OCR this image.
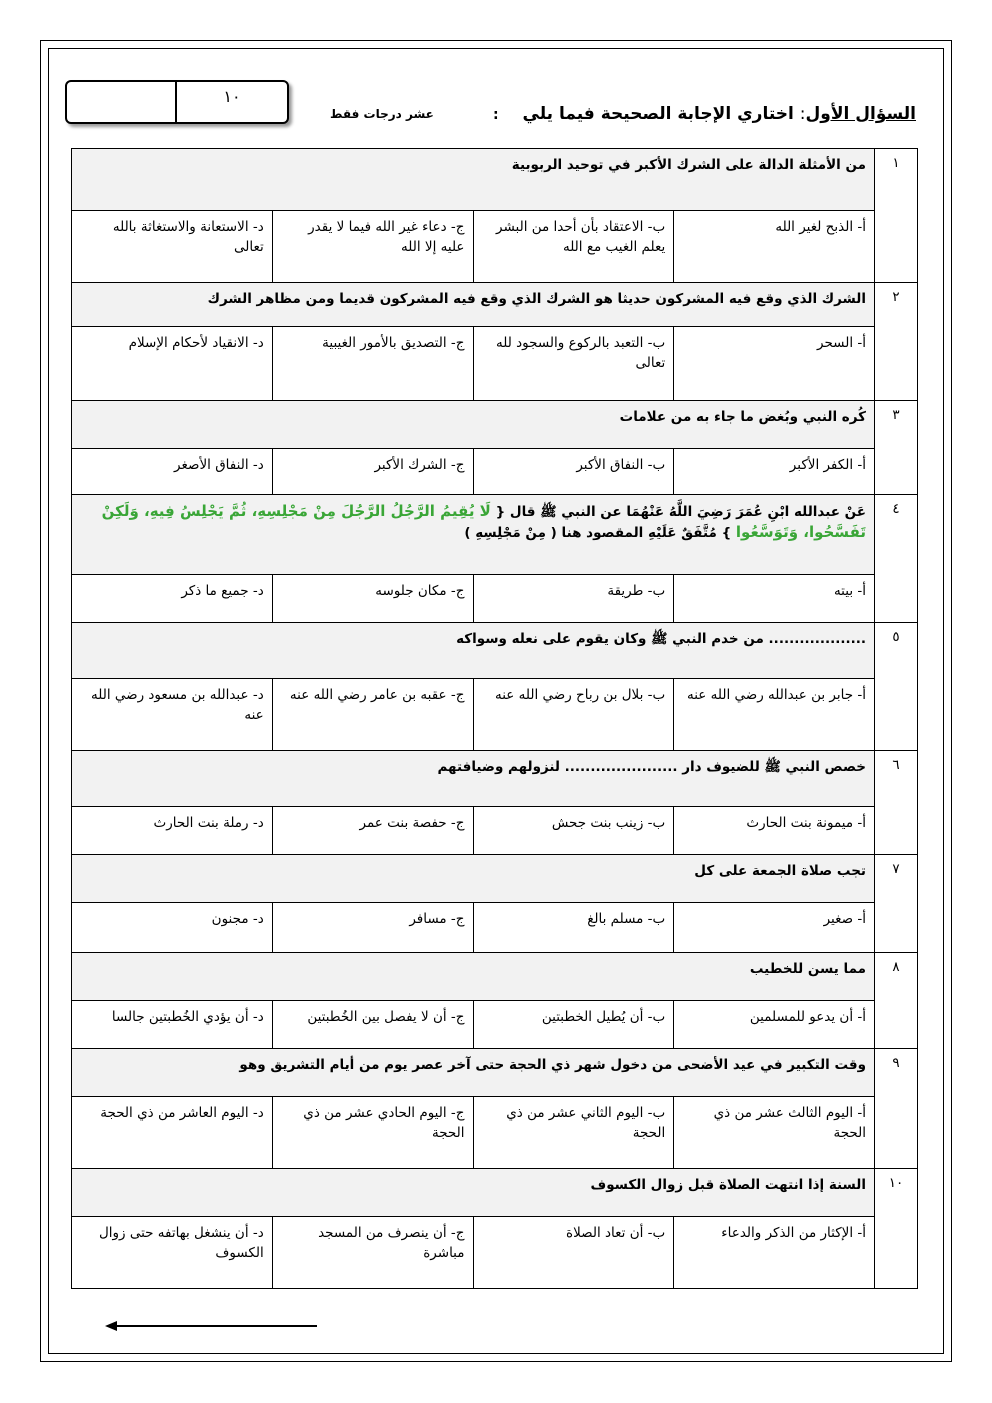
١٠
عشر درجات فقط	السؤال الأول: اختاري الإجابة الصحيحة فيما يلي :
١	من الأمثلة الدالة على الشرك الأكبر في توحيد الربوبية			
	أ- الذبح لغير الله	ب- الاعتقاد بأن أحدا من البشر يعلم الغيب مع الله	ج- دعاء غير الله فيما لا يقدر عليه إلا الله	د- الاستعانة والاستغاثة بالله تعالى
٢	الشرك الذي وقع فيه المشركون حديثا هو الشرك الذي وقع فيه المشركون قديما ومن مظاهر الشرك			
	أ- السحر	ب- التعبد بالركوع والسجود لله تعالى	ج- التصديق بالأمور الغيبية	د- الانقياد لأحكام الإسلام
٣	كُره النبي وبُغض ما جاء به من علامات			
	أ- الكفر الأكبر	ب- النفاق الأكبر	ج- الشرك الأكبر	د- النفاق الأصغر
٤	عَنْ عبدالله ابْنِ عُمَرَ رَضِيَ اللَّهُ عَنْهُمَا عن النبي ﷺ قال { لَا يُقِيمُ الرَّجُلُ الرَّجُلَ مِنْ مَجْلِسِهِ، ثُمَّ يَجْلِسُ فِيهِ، وَلَكِنْ تَفَسَّحُوا، وَتَوَسَّعُوا } مُتَّفَقٌ عَلَيْهِ المقصود هنا ( مِنْ مَجْلِسِهِ )			
	أ- بيته	ب- طريقة	ج- مكان جلوسه	د- جميع ما ذكر
٥	................... من خدم النبي ﷺ وكان يقوم على نعله وسواكه			
	أ- جابر بن عبدالله رضي الله عنه	ب- بلال بن رباح رضي الله عنه	ج- عقبه بن عامر رضي الله عنه	د- عبدالله بن مسعود رضي الله عنه
٦	خصص النبي ﷺ للضيوف دار ...................... لنزولهم وضيافتهم			
	أ- ميمونة بنت الحارث	ب- زينب بنت جحش	ج- حفصة بنت عمر	د- رملة بنت الحارث
٧	تجب صلاة الجمعة على كل			
	أ- صغير	ب- مسلم بالغ	ج- مسافر	د- مجنون
٨	مما يسن للخطيب			
	أ- أن يدعو للمسلمين	ب- أن يُطيل الخطبتين	ج- أن لا يفصل بين الخُطبتين	د- أن يؤدي الخُطبتين جالسا
٩	وقت التكبير في عيد الأضحى من دخول شهر ذي الحجة حتى آخر عصر يوم من أيام التشريق وهو			
	أ- اليوم الثالث عشر من ذي الحجة	ب- اليوم الثاني عشر من ذي الحجة	ج- اليوم الحادي عشر من ذي الحجة	د- اليوم العاشر من ذي الحجة
١٠	السنة إذا انتهت الصلاة قبل زوال الكسوف			
	أ- الإكثار من الذكر والدعاء	ب- أن تعاد الصلاة	ج- أن ينصرف من المسجد مباشرة	د- أن ينشغل بهاتفه حتى زوال الكسوف
